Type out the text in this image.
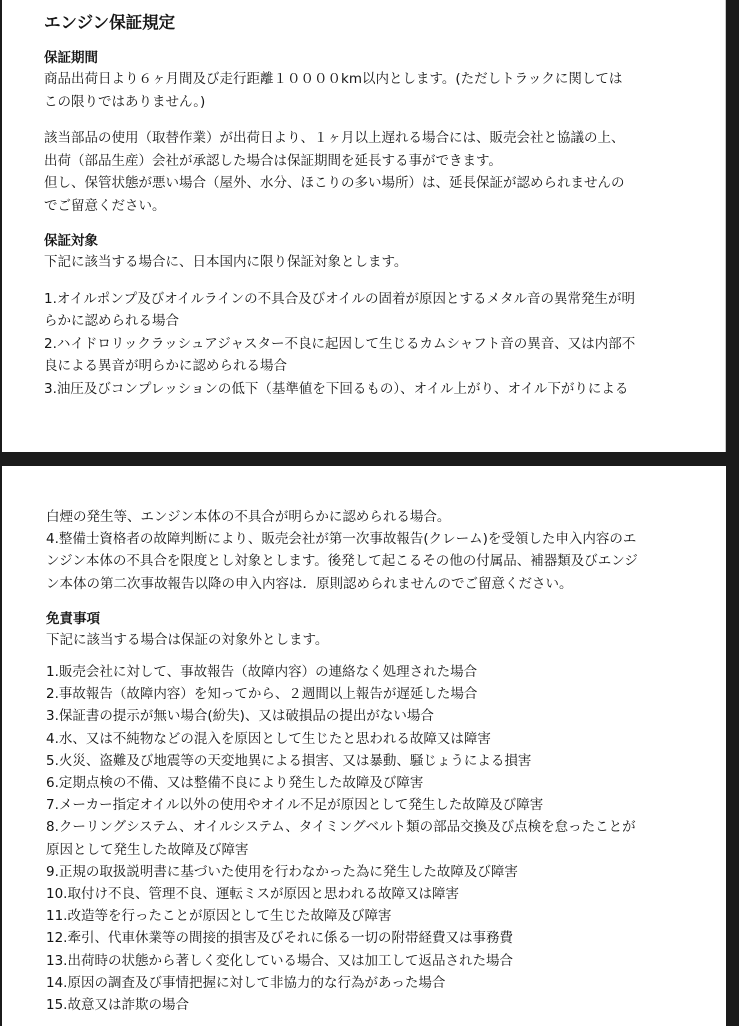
エンジン保証規定
保証期間
商品出荷日より６ヶ月間及び走行距離１００００km以内とします。(ただしトラックに関しては
この限りではありません。)
該当部品の使用（取替作業）が出荷日より、１ヶ月以上遅れる場合には、販売会社と協議の上、
出荷（部品生産）会社が承認した場合は保証期間を延長する事ができます。
但し、保管状態が悪い場合（屋外、水分、ほこりの多い場所）は、延長保証が認められませんの
でご留意ください。
保証対象
下記に該当する場合に、日本国内に限り保証対象とします。
1.オイルポンプ及びオイルラインの不具合及びオイルの固着が原因とするメタル音の異常発生が明
らかに認められる場合
2.ハイドロリックラッシュアジャスター不良に起因して生じるカムシャフト音の異音、又は内部不
良による異音が明らかに認められる場合
3.油圧及びコンプレッションの低下（基準値を下回るもの）、オイル上がり、オイル下がりによる
白煙の発生等、エンジン本体の不具合が明らかに認められる場合。
4.整備士資格者の故障判断により、販売会社が第一次事故報告(クレーム)を受領した申入内容のエ
ンジン本体の不具合を限度とし対象とします。後発して起こるその他の付属品、補器類及びエンジ
ン本体の第二次事故報告以降の申入内容は．原則認められませんのでご留意ください。
免責事項
下記に該当する場合は保証の対象外とします。
1.販売会社に対して、事故報告（故障内容）の連絡なく処理された場合
2.事故報告（故障内容）を知ってから、２週間以上報告が遅延した場合
3.保証書の提示が無い場合(紛失)、又は破損品の提出がない場合
4.水、又は不純物などの混入を原因として生じたと思われる故障又は障害
5.火災、盗難及び地震等の天変地異による損害、又は暴動、騒じょうによる損害
6.定期点検の不備、又は整備不良により発生した故障及び障害
7.メーカー指定オイル以外の使用やオイル不足が原因として発生した故障及び障害
8.クーリングシステム、オイルシステム、タイミングベルト類の部品交換及び点検を怠ったことが
原因として発生した故障及び障害
9.正規の取扱説明書に基づいた使用を行わなかった為に発生した故障及び障害
10.取付け不良、管理不良、運転ミスが原因と思われる故障又は障害
11.改造等を行ったことが原因として生じた故障及び障害
12.牽引、代車休業等の間接的損害及びそれに係る一切の附帯経費又は事務費
13.出荷時の状態から著しく変化している場合、又は加工して返品された場合
14.原因の調査及び事情把握に対して非協力的な行為があった場合
15.故意又は詐欺の場合
